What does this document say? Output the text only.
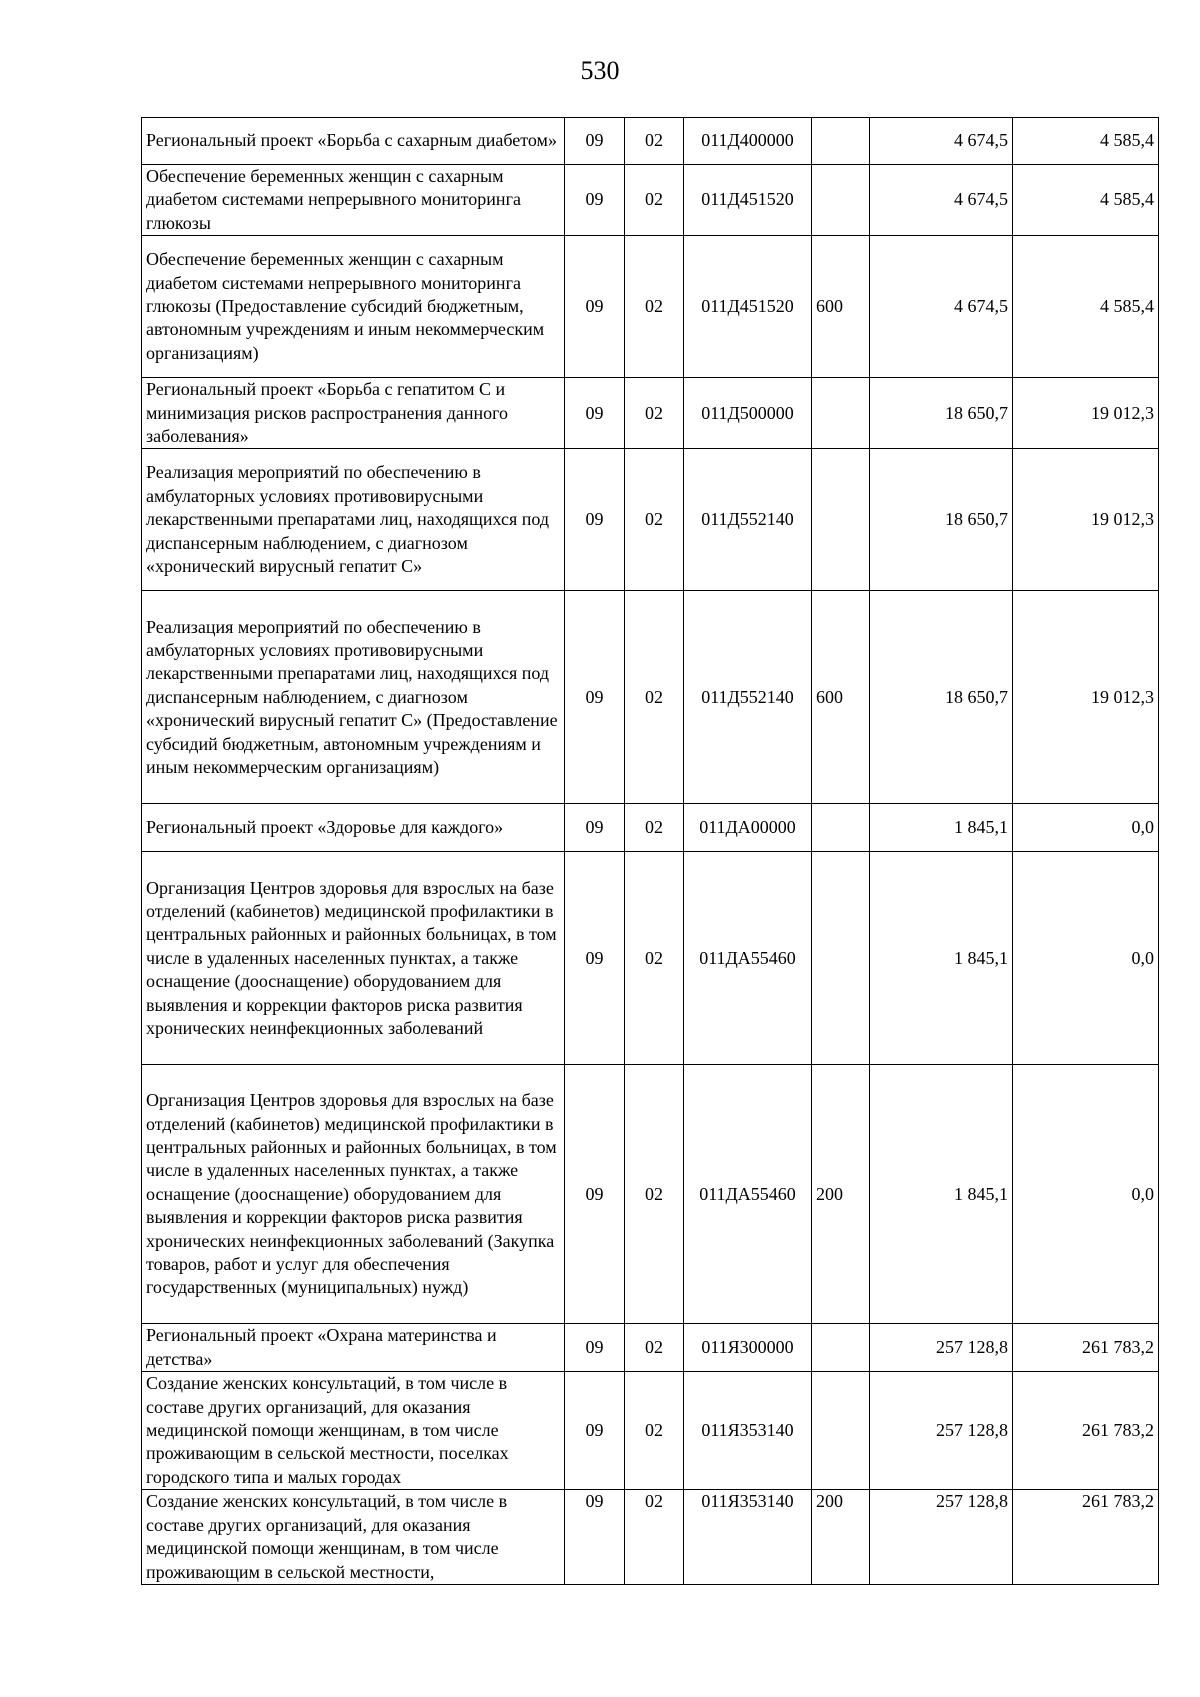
530
Региональный проект «Борьба с сахарным диабетом»	09	02	011Д400000		4 674,5	4 585,4
Обеспечение беременных женщин с сахарным диабетом системами непрерывного мониторинга глюкозы	09	02	011Д451520		4 674,5	4 585,4
Обеспечение беременных женщин с сахарным диабетом системами непрерывного мониторинга глюкозы (Предоставление субсидий бюджетным, автономным учреждениям и иным некоммерческим организациям)	09	02	011Д451520	600	4 674,5	4 585,4
Региональный проект «Борьба с гепатитом С и минимизация рисков распространения данного заболевания»	09	02	011Д500000		18 650,7	19 012,3
Реализация мероприятий по обеспечению в амбулаторных условиях противовирусными лекарственными препаратами лиц, находящихся под диспансерным наблюдением, с диагнозом «хронический вирусный гепатит С»	09	02	011Д552140		18 650,7	19 012,3
Реализация мероприятий по обеспечению в амбулаторных условиях противовирусными лекарственными препаратами лиц, находящихся под диспансерным наблюдением, с диагнозом «хронический вирусный гепатит С» (Предоставление субсидий бюджетным, автономным учреждениям и иным некоммерческим организациям)	09	02	011Д552140	600	18 650,7	19 012,3
Региональный проект «Здоровье для каждого»	09	02	011ДА00000		1 845,1	0,0
Организация Центров здоровья для взрослых на базе отделений (кабинетов) медицинской профилактики в центральных районных и районных больницах, в том числе в удаленных населенных пунктах, а также оснащение (дооснащение) оборудованием для выявления и коррекции факторов риска развития хронических неинфекционных заболеваний	09	02	011ДА55460		1 845,1	0,0
Организация Центров здоровья для взрослых на базе отделений (кабинетов) медицинской профилактики в центральных районных и районных больницах, в том числе в удаленных населенных пунктах, а также оснащение (дооснащение) оборудованием для выявления и коррекции факторов риска развития хронических неинфекционных заболеваний (Закупка товаров, работ и услуг для обеспечения государственных (муниципальных) нужд)	09	02	011ДА55460	200	1 845,1	0,0
Региональный проект «Охрана материнства и детства»	09	02	011Я300000		257 128,8	261 783,2
Создание женских консультаций, в том числе в составе других организаций, для оказания медицинской помощи женщинам, в том числе проживающим в сельской местности, поселках городского типа и малых городах	09	02	011Я353140		257 128,8	261 783,2
Создание женских консультаций, в том числе в составе других организаций, для оказания медицинской помощи женщинам, в том числе проживающим в сельской местности,	09	02	011Я353140	200	257 128,8	261 783,2
